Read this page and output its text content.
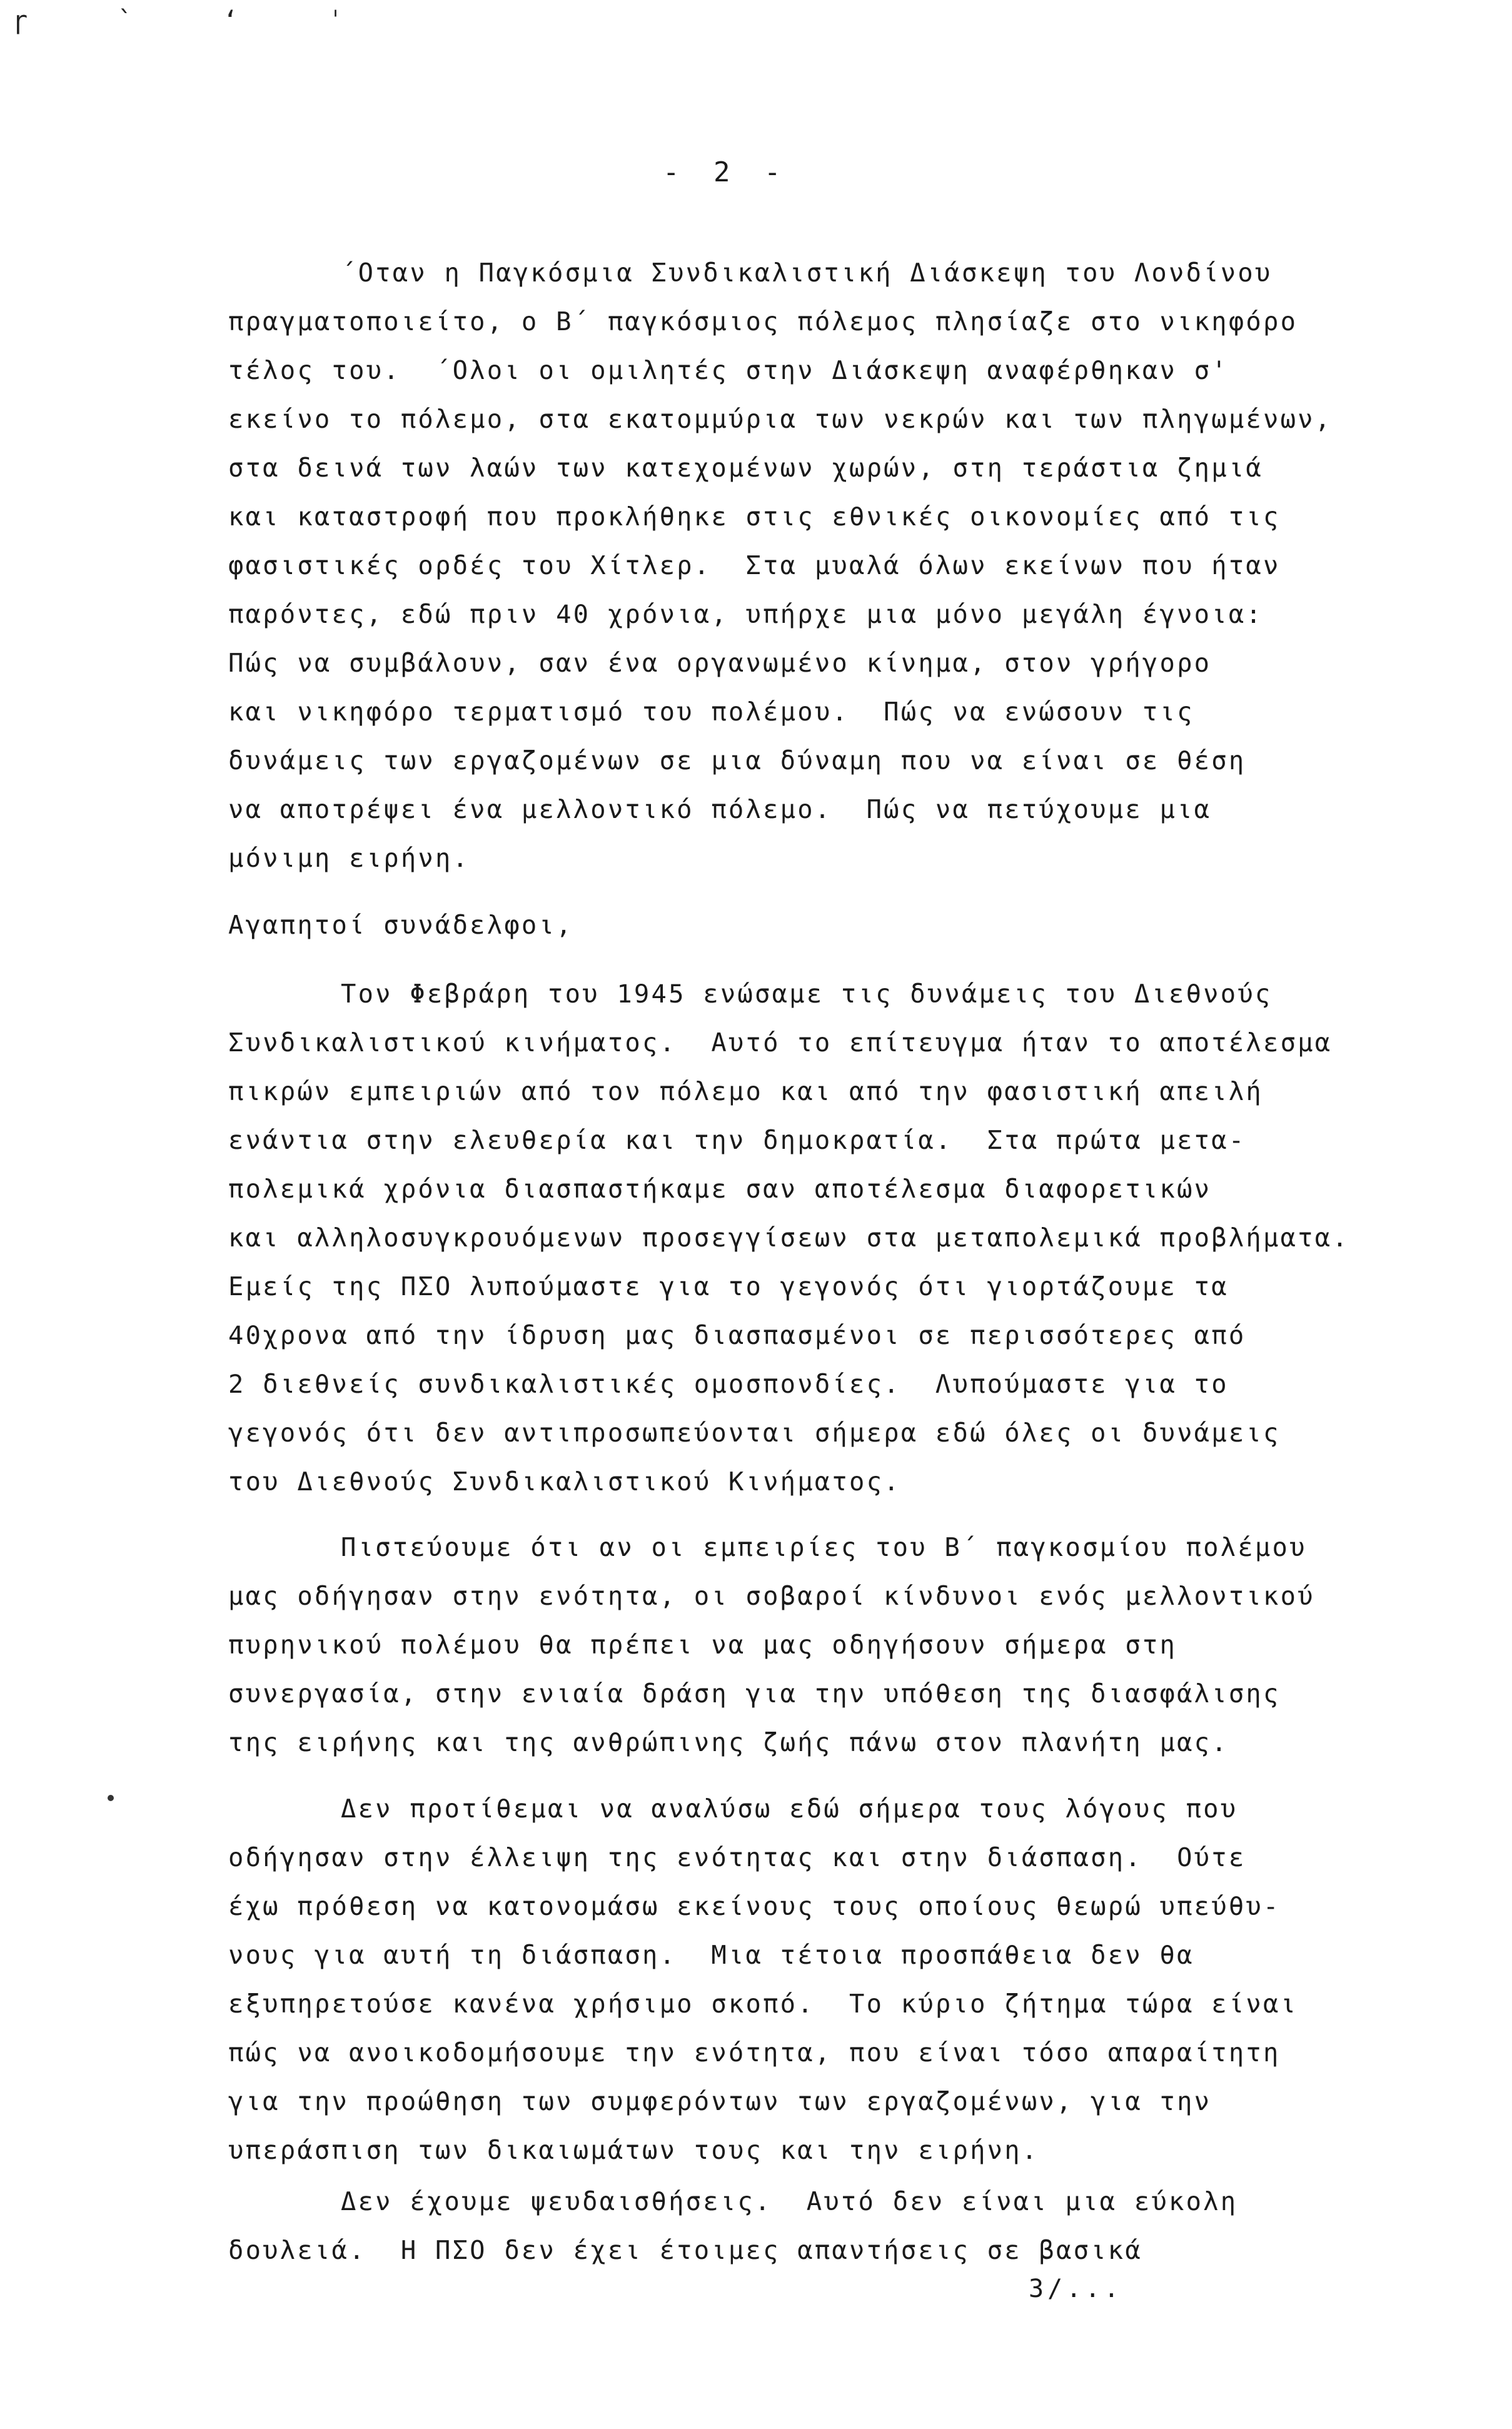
ɼ ` ‘ ˈ
- 2 -
΄Οταν η Παγκόσμια Συνδικαλιστική Διάσκεψη του Λονδίνου
πραγματοποιείτο, ο Β΄ παγκόσμιος πόλεμος πλησίαζε στο νικηφόρο
τέλος του.  ΄Ολοι οι ομιλητές στην Διάσκεψη αναφέρθηκαν σ'
εκείνο το πόλεμο, στα εκατομμύρια των νεκρών και των πληγωμένων,
στα δεινά των λαών των κατεχομένων χωρών, στη τεράστια ζημιά
και καταστροφή που προκλήθηκε στις εθνικές οικονομίες από τις
φασιστικές ορδές του Χίτλερ.  Στα μυαλά όλων εκείνων που ήταν
παρόντες, εδώ πριν 40 χρόνια, υπήρχε μια μόνο μεγάλη έγνοια:
Πώς να συμβάλουν, σαν ένα οργανωμένο κίνημα, στον γρήγορο
και νικηφόρο τερματισμό του πολέμου.  Πώς να ενώσουν τις
δυνάμεις των εργαζομένων σε μια δύναμη που να είναι σε θέση
να αποτρέψει ένα μελλοντικό πόλεμο.  Πώς να πετύχουμε μια
μόνιμη ειρήνη.
Αγαπητοί συνάδελφοι,
Τον Φεβράρη του 1945 ενώσαμε τις δυνάμεις του Διεθνούς
Συνδικαλιστικού κινήματος.  Αυτό το επίτευγμα ήταν το αποτέλεσμα
πικρών εμπειριών από τον πόλεμο και από την φασιστική απειλή
ενάντια στην ελευθερία και την δημοκρατία.  Στα πρώτα μετα-
πολεμικά χρόνια διασπαστήκαμε σαν αποτέλεσμα διαφορετικών
και αλληλοσυγκρουόμενων προσεγγίσεων στα μεταπολεμικά προβλήματα.
Εμείς της ΠΣΟ λυπούμαστε για το γεγονός ότι γιορτάζουμε τα
40χρονα από την ίδρυση μας διασπασμένοι σε περισσότερες από
2 διεθνείς συνδικαλιστικές ομοσπονδίες.  Λυπούμαστε για το
γεγονός ότι δεν αντιπροσωπεύονται σήμερα εδώ όλες οι δυνάμεις
του Διεθνούς Συνδικαλιστικού Κινήματος.
Πιστεύουμε ότι αν οι εμπειρίες του Β΄ παγκοσμίου πολέμου
μας οδήγησαν στην ενότητα, οι σοβαροί κίνδυνοι ενός μελλοντικού
πυρηνικού πολέμου θα πρέπει να μας οδηγήσουν σήμερα στη
συνεργασία, στην ενιαία δράση για την υπόθεση της διασφάλισης
της ειρήνης και της ανθρώπινης ζωής πάνω στον πλανήτη μας.
Δεν προτίθεμαι να αναλύσω εδώ σήμερα τους λόγους που
οδήγησαν στην έλλειψη της ενότητας και στην διάσπαση.  Ούτε
έχω πρόθεση να κατονομάσω εκείνους τους οποίους θεωρώ υπεύθυ-
νους για αυτή τη διάσπαση.  Μια τέτοια προσπάθεια δεν θα
εξυπηρετούσε κανένα χρήσιμο σκοπό.  Το κύριο ζήτημα τώρα είναι
πώς να ανοικοδομήσουμε την ενότητα, που είναι τόσο απαραίτητη
για την προώθηση των συμφερόντων των εργαζομένων, για την
υπεράσπιση των δικαιωμάτων τους και την ειρήνη.
Δεν έχουμε ψευδαισθήσεις.  Αυτό δεν είναι μια εύκολη
δουλειά.  Η ΠΣΟ δεν έχει έτοιμες απαντήσεις σε βασικά
3/...
